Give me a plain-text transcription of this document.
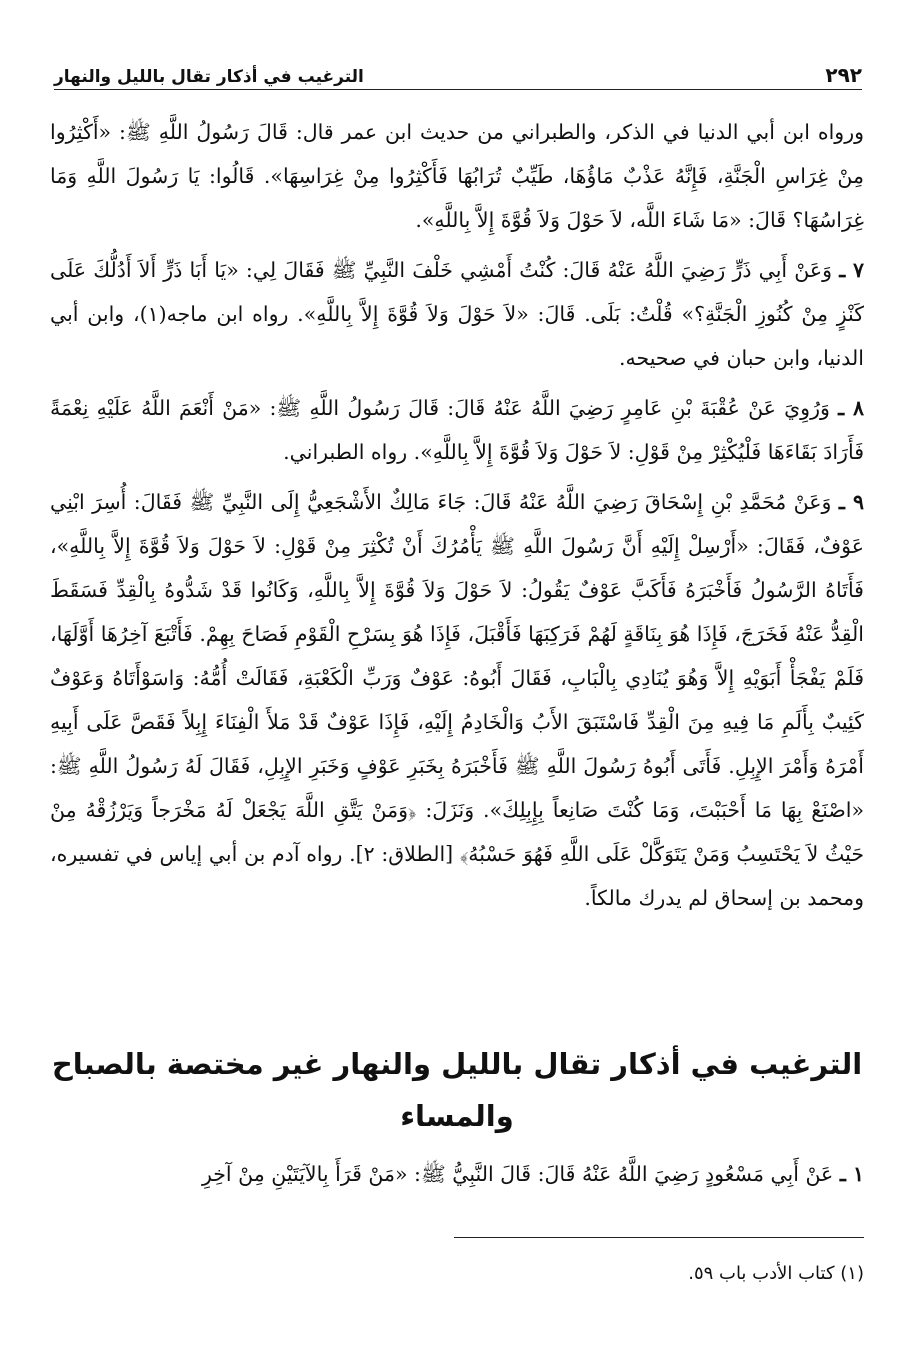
٢٩٢
الترغيب في أذكار تقال بالليل والنهار

ورواه ابن أبي الدنيا في الذكر، والطبراني من حديث ابن عمر قال: قَالَ رَسُولُ اللَّهِ ﷺ: «أَكْثِرُوا مِنْ غِرَاسِ الْجَنَّةِ، فَإِنَّهُ عَذْبٌ مَاؤُهَا، طَيِّبٌ تُرَابُهَا فَأَكْثِرُوا مِنْ غِرَاسِهَا». قَالُوا: يَا رَسُولَ اللَّهِ وَمَا غِرَاسُهَا؟ قَالَ: «مَا شَاءَ اللَّه، لاَ حَوْلَ وَلاَ قُوَّةَ إِلاَّ بِاللَّهِ».

٧ ـ وَعَنْ أَبِي ذَرٍّ رَضِيَ اللَّهُ عَنْهُ قَالَ: كُنْتُ أَمْشِي خَلْفَ النَّبِيِّ ﷺ فَقَالَ لِي: «يَا أَبَا ذَرٍّ أَلاَ أَدُلُّكَ عَلَى كَنْزٍ مِنْ كُنُوزِ الْجَنَّةِ؟» قُلْتُ: بَلَى. قَالَ: «لاَ حَوْلَ وَلاَ قُوَّةَ إِلاَّ بِاللَّهِ». رواه ابن ماجه(١)، وابن أبي الدنيا، وابن حبان في صحيحه.

٨ ـ وَرُوِيَ عَنْ عُقْبَةَ بْنِ عَامِرٍ رَضِيَ اللَّهُ عَنْهُ قَالَ: قَالَ رَسُولُ اللَّهِ ﷺ: «مَنْ أَنْعَمَ اللَّهُ عَلَيْهِ نِعْمَةً فَأَرَادَ بَقَاءَهَا فَلْيُكْثِرْ مِنْ قَوْلِ: لاَ حَوْلَ وَلاَ قُوَّةَ إِلاَّ بِاللَّهِ». رواه الطبراني.

٩ ـ وَعَنْ مُحَمَّدِ بْنِ إِسْحَاقَ رَضِيَ اللَّهُ عَنْهُ قَالَ: جَاءَ مَالِكٌ الأَشْجَعِيُّ إِلَى النَّبِيِّ ﷺ فَقَالَ: أُسِرَ ابْنِي عَوْفٌ، فَقَالَ: «أَرْسِلْ إِلَيْهِ أَنَّ رَسُولَ اللَّهِ ﷺ يَأْمُرُكَ أَنْ تُكْثِرَ مِنْ قَوْلِ: لاَ حَوْلَ وَلاَ قُوَّةَ إِلاَّ بِاللَّهِ»، فَأَتَاهُ الرَّسُولُ فَأَخْبَرَهُ فَأَكَبَّ عَوْفٌ يَقُولُ: لاَ حَوْلَ وَلاَ قُوَّةَ إِلاَّ بِاللَّهِ، وَكَانُوا قَدْ شَدُّوهُ بِالْقِدِّ فَسَقَطَ الْقِدُّ عَنْهُ فَخَرَجَ، فَإِذَا هُوَ بِنَاقَةٍ لَهُمْ فَرَكِبَهَا فَأَقْبَلَ، فَإِذَا هُوَ بِسَرْحِ الْقَوْمِ فَصَاحَ بِهِمْ. فَأَتْبَعَ آخِرُهَا أَوَّلَهَا، فَلَمْ يَفْجَأْ أَبَوَيْهِ إِلاَّ وَهُوَ يُنَادِي بِالْبَابِ، فَقَالَ أَبُوهُ: عَوْفٌ وَرَبِّ الْكَعْبَةِ، فَقَالَتْ أُمُّهُ: وَاسَوْأَتَاهُ وَعَوْفٌ كَئِيبٌ بِأَلَمِ مَا فِيهِ مِنَ الْقِدِّ فَاسْتَبَقَ الأَبُ وَالْخَادِمُ إِلَيْهِ، فَإِذَا عَوْفٌ قَدْ مَلأَ الْفِنَاءَ إِبِلاً فَقَصَّ عَلَى أَبِيهِ أَمْرَهُ وَأَمْرَ الإِبِلِ. فَأَتَى أَبُوهُ رَسُولَ اللَّهِ ﷺ فَأَخْبَرَهُ بِخَبَرِ عَوْفٍ وَخَبَرِ الإِبِلِ، فَقَالَ لَهُ رَسُولُ اللَّهِ ﷺ: «اصْنَعْ بِهَا مَا أَحْبَبْتَ، وَمَا كُنْتَ صَانِعاً بِإِبِلِكَ». وَنَزَلَ: ﴿وَمَنْ يَتَّقِ اللَّهَ يَجْعَلْ لَهُ مَخْرَجاً وَيَرْزُقْهُ مِنْ حَيْثُ لاَ يَحْتَسِبُ وَمَنْ يَتَوَكَّلْ عَلَى اللَّهِ فَهُوَ حَسْبُهُ﴾ [الطلاق: ٢]. رواه آدم بن أبي إياس في تفسيره، ومحمد بن إسحاق لم يدرك مالكاً.

الترغيب في أذكار تقال بالليل والنهار غير مختصة بالصباح والمساء

١ ـ عَنْ أَبِي مَسْعُودٍ رَضِيَ اللَّهُ عَنْهُ قَالَ: قَالَ النَّبِيُّ ﷺ: «مَنْ قَرَأَ بِالآيَتَيْنِ مِنْ آخِرِ

(١) كتاب الأدب باب ٥٩.
